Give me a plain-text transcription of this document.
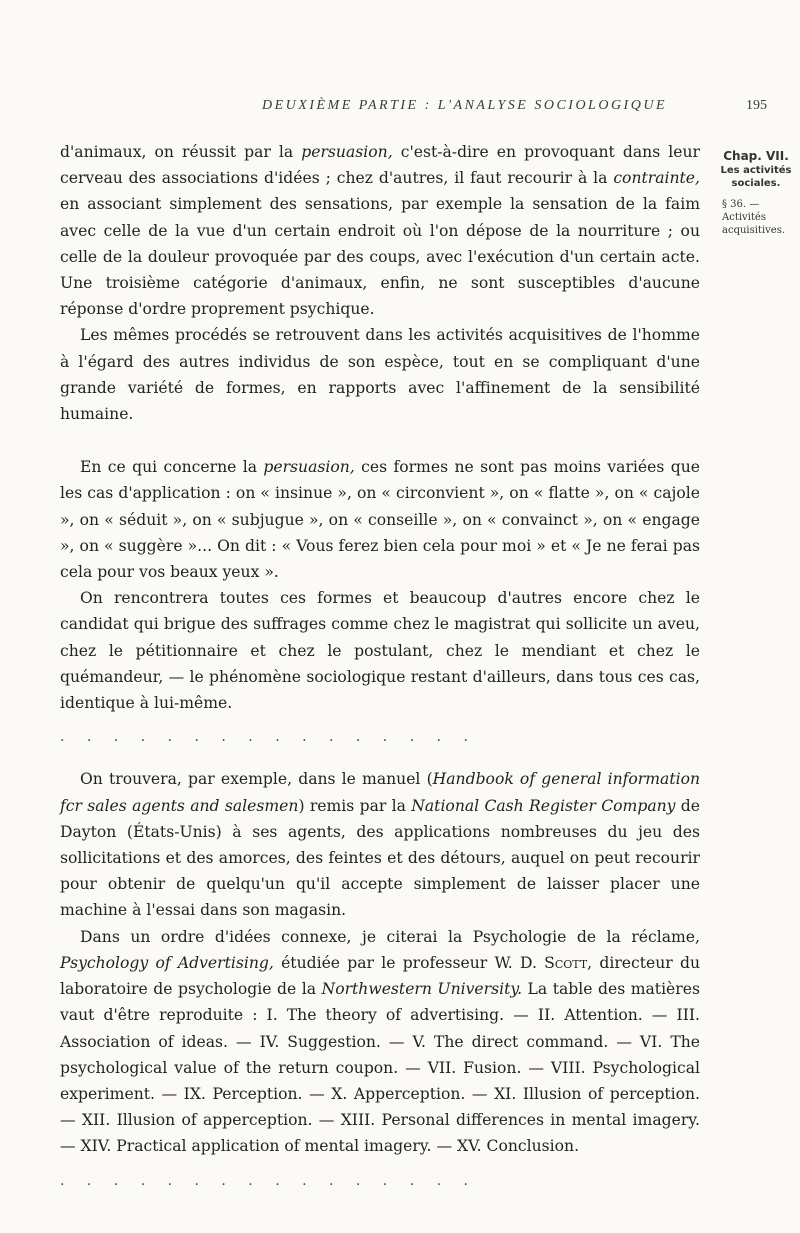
DEUXIÈME PARTIE : L'ANALYSE SOCIOLOGIQUE	195
Chap. VII.
Les activités sociales.
§ 36. — Activités acquisitives.

d'animaux, on réussit par la persuasion, c'est-à-dire en provoquant dans leur cerveau des associations d'idées ; chez d'autres, il faut recourir à la contrainte, en associant simplement des sensations, par exemple la sensation de la faim avec celle de la vue d'un certain endroit où l'on dépose de la nourriture ; ou celle de la douleur provoquée par des coups, avec l'exécution d'un certain acte. Une troisième catégorie d'animaux, enfin, ne sont susceptibles d'aucune réponse d'ordre proprement psychique.

Les mêmes procédés se retrouvent dans les activités acquisitives de l'homme à l'égard des autres individus de son espèce, tout en se compliquant d'une grande variété de formes, en rapports avec l'affinement de la sensibilité humaine.

En ce qui concerne la persuasion, ces formes ne sont pas moins variées que les cas d'application : on « insinue », on « circonvient », on « flatte », on « cajole », on « séduit », on « subjugue », on « conseille », on « convainct », on « engage », on « suggère »... On dit : « Vous ferez bien cela pour moi » et « Je ne ferai pas cela pour vos beaux yeux ».

On rencontrera toutes ces formes et beaucoup d'autres encore chez le candidat qui brigue des suffrages comme chez le magistrat qui sollicite un aveu, chez le pétitionnaire et chez le postulant, chez le mendiant et chez le quémandeur, — le phénomène sociologique restant d'ailleurs, dans tous ces cas, identique à lui-même.

. . . . . . . . . . . . . . . .

On trouvera, par exemple, dans le manuel (Handbook of general information fcr sales agents and salesmen) remis par la National Cash Register Company de Dayton (États-Unis) à ses agents, des applications nombreuses du jeu des sollicitations et des amorces, des feintes et des détours, auquel on peut recourir pour obtenir de quelqu'un qu'il accepte simplement de laisser placer une machine à l'essai dans son magasin.

Dans un ordre d'idées connexe, je citerai la Psychologie de la réclame, Psychology of Advertising, étudiée par le professeur W. D. Scott, directeur du laboratoire de psychologie de la Northwestern University. La table des matières vaut d'être reproduite : I. The theory of advertising. — II. Attention. — III. Association of ideas. — IV. Suggestion. — V. The direct command. — VI. The psychological value of the return coupon. — VII. Fusion. — VIII. Psychological experiment. — IX. Perception. — X. Apperception. — XI. Illusion of perception. — XII. Illusion of apperception. — XIII. Personal differences in mental imagery. — XIV. Practical application of mental imagery. — XV. Conclusion.

. . . . . . . . . . . . . . . .
